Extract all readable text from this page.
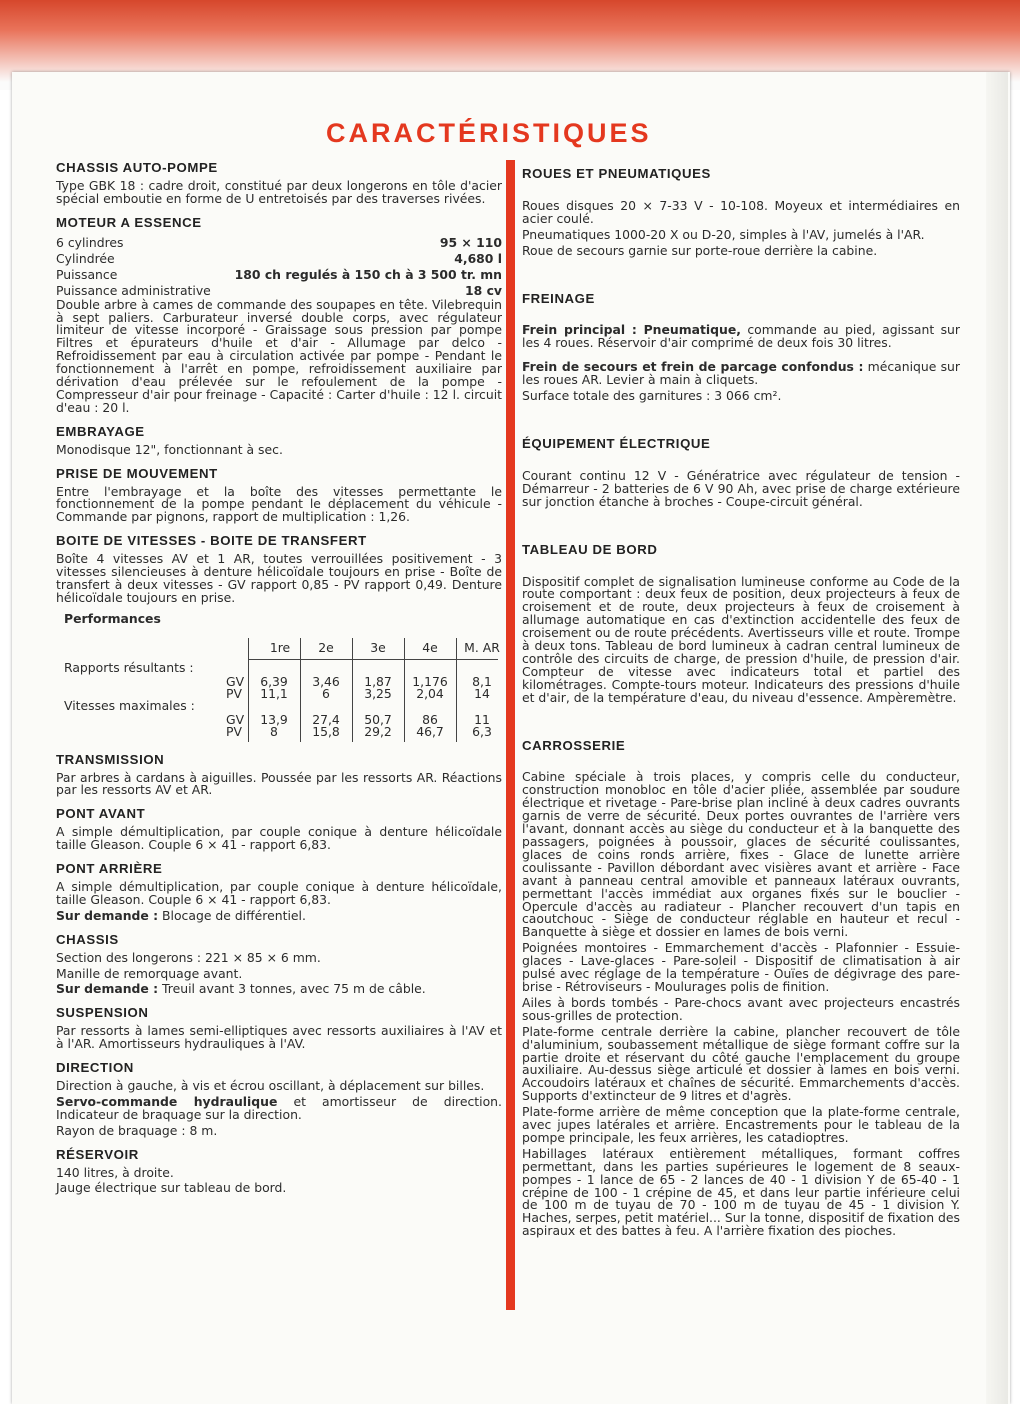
CARACTÉRISTIQUES
CHASSIS AUTO-POMPE

Type GBK 18 : cadre droit, constitué par deux longerons en tôle d'acier spécial emboutie en forme de U entretoisés par des traverses rivées.

MOTEUR A ESSENCE
6 cylindres	95 × 110
Cylindrée	4,680 l
Puissance	180 ch regulés à 150 ch à 3 500 tr. mn
Puissance administrative	18 cv

Double arbre à cames de commande des soupapes en tête. Vilebrequin à sept paliers. Carburateur inversé double corps, avec régulateur limiteur de vitesse incorporé - Graissage sous pression par pompe Filtres et épurateurs d'huile et d'air - Allumage par delco - Refroidissement par eau à circulation activée par pompe - Pendant le fonctionnement à l'arrêt en pompe, refroidissement auxiliaire par dérivation d'eau prélevée sur le refoulement de la pompe - Compresseur d'air pour freinage - Capacité : Carter d'huile : 12 l. circuit d'eau : 20 l.

EMBRAYAGE

Monodisque 12", fonctionnant à sec.

PRISE DE MOUVEMENT

Entre l'embrayage et la boîte des vitesses permettante le fonctionnement de la pompe pendant le déplacement du véhicule - Commande par pignons, rapport de multiplication : 1,26.

BOITE DE VITESSES - BOITE DE TRANSFERT

Boîte 4 vitesses AV et 1 AR, toutes verrouillées positivement - 3 vitesses silencieuses à denture hélicoïdale toujours en prise - Boîte de transfert à deux vitesses - GV rapport 0,85 - PV rapport 0,49. Denture hélicoïdale toujours en prise.

Performances
1re	2e	3e	4e	M. AR
Rapports résultants :
Vitesses maximales :
GV	6,39	3,46	1,87	1,176	8,1
PV	11,1	6	3,25	2,04	14
GV	13,9	27,4	50,7	86	11
PV	8	15,8	29,2	46,7	6,3
TRANSMISSION

Par arbres à cardans à aiguilles. Poussée par les ressorts AR. Réactions par les ressorts AV et AR.

PONT AVANT

A simple démultiplication, par couple conique à denture hélicoïdale taille Gleason. Couple 6 × 41 - rapport 6,83.

PONT ARRIÈRE

A simple démultiplication, par couple conique à denture hélicoïdale, taille Gleason. Couple 6 × 41 - rapport 6,83.

Sur demande : Blocage de différentiel.

CHASSIS

Section des longerons : 221 × 85 × 6 mm.

Manille de remorquage avant.

Sur demande : Treuil avant 3 tonnes, avec 75 m de câble.

SUSPENSION

Par ressorts à lames semi-elliptiques avec ressorts auxiliaires à l'AV et à l'AR. Amortisseurs hydrauliques à l'AV.

DIRECTION

Direction à gauche, à vis et écrou oscillant, à déplacement sur billes.

Servo-commande hydraulique et amortisseur de direction. Indicateur de braquage sur la direction.

Rayon de braquage : 8 m.

RÉSERVOIR

140 litres, à droite.

Jauge électrique sur tableau de bord.

ROUES ET PNEUMATIQUES

Roues disques 20 × 7-33 V - 10-108. Moyeux et intermédiaires en acier coulé.

Pneumatiques 1000-20 X ou D-20, simples à l'AV, jumelés à l'AR.

Roue de secours garnie sur porte-roue derrière la cabine.

FREINAGE

Frein principal : Pneumatique, commande au pied, agissant sur les 4 roues. Réservoir d'air comprimé de deux fois 30 litres.

Frein de secours et frein de parcage confondus : mécanique sur les roues AR. Levier à main à cliquets.

Surface totale des garnitures : 3 066 cm².

ÉQUIPEMENT ÉLECTRIQUE

Courant continu 12 V - Génératrice avec régulateur de tension - Démarreur - 2 batteries de 6 V 90 Ah, avec prise de charge extérieure sur jonction étanche à broches - Coupe-circuit général.

TABLEAU DE BORD

Dispositif complet de signalisation lumineuse conforme au Code de la route comportant : deux feux de position, deux projecteurs à feux de croisement et de route, deux projecteurs à feux de croisement à allumage automatique en cas d'extinction accidentelle des feux de croisement ou de route précédents. Avertisseurs ville et route. Trompe à deux tons. Tableau de bord lumineux à cadran central lumineux de contrôle des circuits de charge, de pression d'huile, de pression d'air. Compteur de vitesse avec indicateurs total et partiel des kilométrages. Compte-tours moteur. Indicateurs des pressions d'huile et d'air, de la température d'eau, du niveau d'essence. Ampèremètre.

CARROSSERIE

Cabine spéciale à trois places, y compris celle du conducteur, construction monobloc en tôle d'acier pliée, assemblée par soudure électrique et rivetage - Pare-brise plan incliné à deux cadres ouvrants garnis de verre de sécurité. Deux portes ouvrantes de l'arrière vers l'avant, donnant accès au siège du conducteur et à la banquette des passagers, poignées à poussoir, glaces de sécurité coulissantes, glaces de coins ronds arrière, fixes - Glace de lunette arrière coulissante - Pavillon débordant avec visières avant et arrière - Face avant à panneau central amovible et panneaux latéraux ouvrants, permettant l'accès immédiat aux organes fixés sur le bouclier - Opercule d'accès au radiateur - Plancher recouvert d'un tapis en caoutchouc - Siège de conducteur réglable en hauteur et recul - Banquette à siège et dossier en lames de bois verni.

Poignées montoires - Emmarchement d'accès - Plafonnier - Essuie-glaces - Lave-glaces - Pare-soleil - Dispositif de climatisation à air pulsé avec réglage de la température - Ouïes de dégivrage des pare-brise - Rétroviseurs - Moulurages polis de finition.

Ailes à bords tombés - Pare-chocs avant avec projecteurs encastrés sous-grilles de protection.

Plate-forme centrale derrière la cabine, plancher recouvert de tôle d'aluminium, soubassement métallique de siège formant coffre sur la partie droite et réservant du côté gauche l'emplacement du groupe auxiliaire. Au-dessus siège articulé et dossier à lames en bois verni. Accoudoirs latéraux et chaînes de sécurité. Emmarchements d'accès. Supports d'extincteur de 9 litres et d'agrès.

Plate-forme arrière de même conception que la plate-forme centrale, avec jupes latérales et arrière. Encastrements pour le tableau de la pompe principale, les feux arrières, les catadioptres.

Habillages latéraux entièrement métalliques, formant coffres permettant, dans les parties supérieures le logement de 8 seaux-pompes - 1 lance de 65 - 2 lances de 40 - 1 division Y de 65-40 - 1 crépine de 100 - 1 crépine de 45, et dans leur partie inférieure celui de 100 m de tuyau de 70 - 100 m de tuyau de 45 - 1 division Y. Haches, serpes, petit matériel... Sur la tonne, dispositif de fixation des aspiraux et des battes à feu. A l'arrière fixation des pioches.
